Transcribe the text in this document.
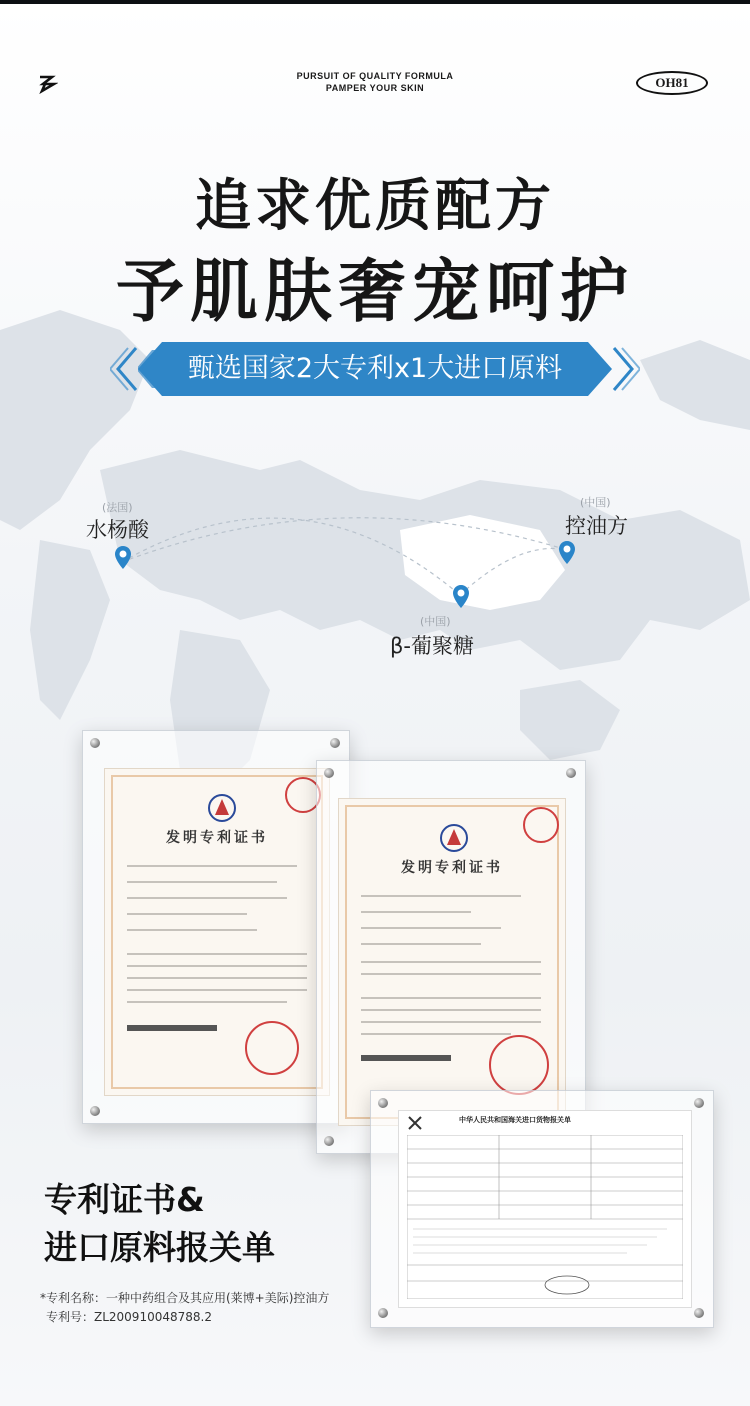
PURSUIT OF QUALITY FORMULA
PAMPER YOUR SKIN	OH81
追求优质配方
予肌肤奢宠呵护
甄选国家2大专利x1大进口原料
(法国)
水杨酸
(中国)
控油方
(中国)
β-葡聚糖
发明专利证书
发明专利证书
中华人民共和国海关进口货物报关单
专利证书&
进口原料报关单
*专利名称：一种中药组合及其应用(莱博+美际)控油方
专利号：ZL200910048788.2
